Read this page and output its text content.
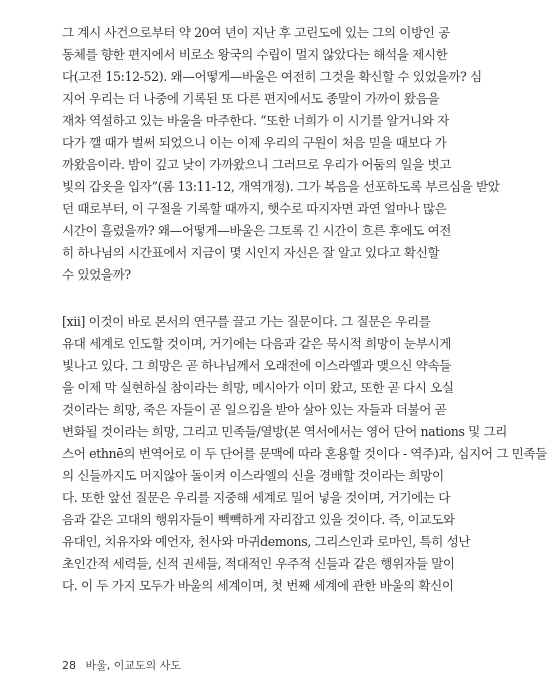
그 계시 사건으로부터 약 20여 년이 지난 후 고린도에 있는 그의 이방인 공
동체를 향한 편지에서 비로소 왕국의 수립이 멀지 않았다는 해석을 제시한
다(고전 15:12-52). 왜—어떻게—바울은 여전히 그것을 확신할 수 있었을까? 심
지어 우리는 더 나중에 기록된 또 다른 편지에서도 종말이 가까이 왔음을
재차 역설하고 있는 바울을 마주한다. “또한 너희가 이 시기를 알거니와 자
다가 깰 때가 벌써 되었으니 이는 이제 우리의 구원이 처음 믿을 때보다 가
까왔음이라. 밤이 깊고 낮이 가까왔으니 그러므로 우리가 어둠의 일을 벗고
빛의 갑옷을 입자”(롬 13:11-12, 개역개정). 그가 복음을 선포하도록 부르심을 받았
던 때로부터, 이 구절을 기록할 때까지, 햇수로 따지자면 과연 얼마나 많은
시간이 흘렀을까? 왜—어떻게—바울은 그토록 긴 시간이 흐른 후에도 여전
히 하나님의 시간표에서 지금이 몇 시인지 자신은 잘 알고 있다고 확신할
수 있었을까?
[xii] 이것이 바로 본서의 연구를 끌고 가는 질문이다. 그 질문은 우리를
유대 세계로 인도할 것이며, 거기에는 다음과 같은 묵시적 희망이 눈부시게
빛나고 있다. 그 희망은 곧 하나님께서 오래전에 이스라엘과 맺으신 약속들
을 이제 막 실현하실 참이라는 희망, 메시아가 이미 왔고, 또한 곧 다시 오실
것이라는 희망, 죽은 자들이 곧 일으킴을 받아 살아 있는 자들과 더불어 곧
변화될 것이라는 희망, 그리고 민족들/열방(본 역서에서는 영어 단어 nations 및 그리
스어 ethnē의 번역어로 이 두 단어를 문맥에 따라 혼용할 것이다 - 역주)과, 심지어 그 민족들
의 신들까지도 머지않아 돌이켜 이스라엘의 신을 경배할 것이라는 희망이
다. 또한 앞선 질문은 우리를 지중해 세계로 밀어 넣을 것이며, 거기에는 다
음과 같은 고대의 행위자들이 빽빽하게 자리잡고 있을 것이다. 즉, 이교도와
유대인, 치유자와 예언자, 천사와 마귀demons, 그리스인과 로마인, 특히 성난
초인간적 세력들, 신적 권세들, 적대적인 우주적 신들과 같은 행위자들 말이
다. 이 두 가지 모두가 바울의 세계이며, 첫 번째 세계에 관한 바울의 확신이
28 바울, 이교도의 사도
